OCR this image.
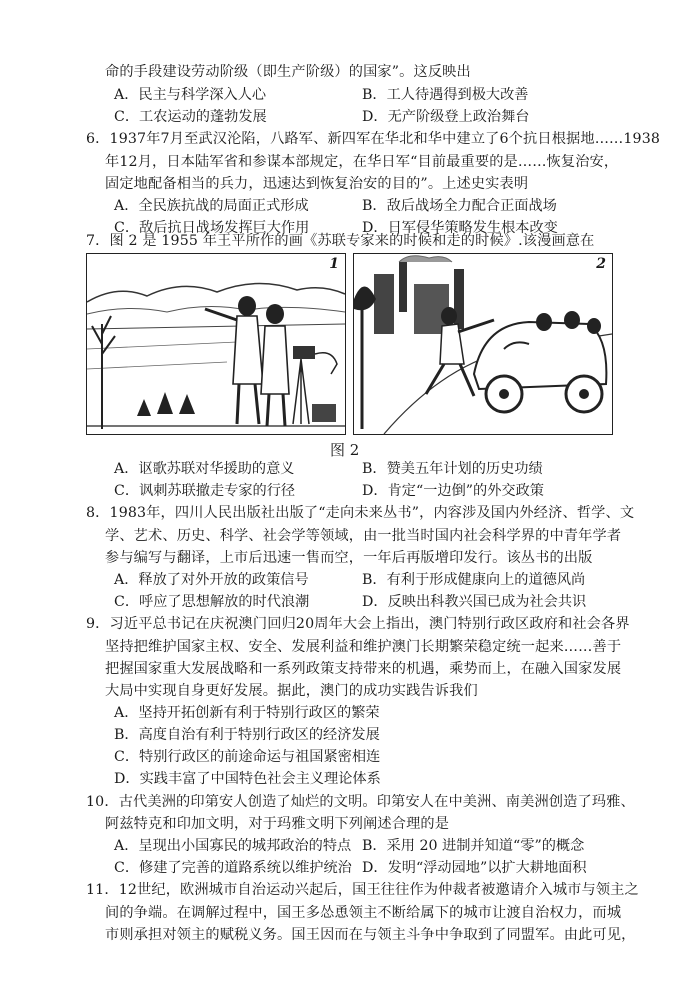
命的手段建设劳动阶级（即生产阶级）的国家”。这反映出
A．民主与科学深入人心	B．工人待遇得到极大改善
C．工农运动的蓬勃发展	D．无产阶级登上政治舞台
6．1937年7月至武汉沦陷，八路军、新四军在华北和华中建立了6个抗日根据地……1938
年12月，日本陆军省和参谋本部规定，在华日军“目前最重要的是……恢复治安，
固定地配备相当的兵力，迅速达到恢复治安的目的”。上述史实表明
A．全民族抗战的局面正式形成	B．敌后战场全力配合正面战场
C．敌后抗日战场发挥巨大作用	D．日军侵华策略发生根本改变
7．图 2 是 1955 年王平所作的画《苏联专家来的时候和走的时候》.该漫画意在
1	2
图 2
A．讴歌苏联对华援助的意义	B．赞美五年计划的历史功绩
C．讽刺苏联撤走专家的行径	D．肯定“一边倒”的外交政策
8．1983年，四川人民出版社出版了“走向未来丛书”，内容涉及国内外经济、哲学、文
学、艺术、历史、科学、社会学等领域，由一批当时国内社会科学界的中青年学者
参与编写与翻译，上市后迅速一售而空，一年后再版增印发行。该丛书的出版
A．释放了对外开放的政策信号	B．有利于形成健康向上的道德风尚
C．呼应了思想解放的时代浪潮	D．反映出科教兴国已成为社会共识
9．习近平总书记在庆祝澳门回归20周年大会上指出，澳门特别行政区政府和社会各界
坚持把维护国家主权、安全、发展利益和维护澳门长期繁荣稳定统一起来……善于
把握国家重大发展战略和一系列政策支持带来的机遇，乘势而上，在融入国家发展
大局中实现自身更好发展。据此，澳门的成功实践告诉我们
A．坚持开拓创新有利于特别行政区的繁荣
B．高度自治有利于特别行政区的经济发展
C．特别行政区的前途命运与祖国紧密相连
D．实践丰富了中国特色社会主义理论体系
10．古代美洲的印第安人创造了灿烂的文明。印第安人在中美洲、南美洲创造了玛雅、
阿兹特克和印加文明，对于玛雅文明下列阐述合理的是
A．呈现出小国寡民的城邦政治的特点 B．采用 20 进制并知道“零”的概念
C．修建了完善的道路系统以维护统治 D．发明“浮动园地”以扩大耕地面积
11．12世纪，欧洲城市自治运动兴起后，国王往往作为仲裁者被邀请介入城市与领主之
间的争端。在调解过程中，国王多怂恿领主不断给属下的城市让渡自治权力，而城
市则承担对领主的赋税义务。国王因而在与领主斗争中争取到了同盟军。由此可见，
